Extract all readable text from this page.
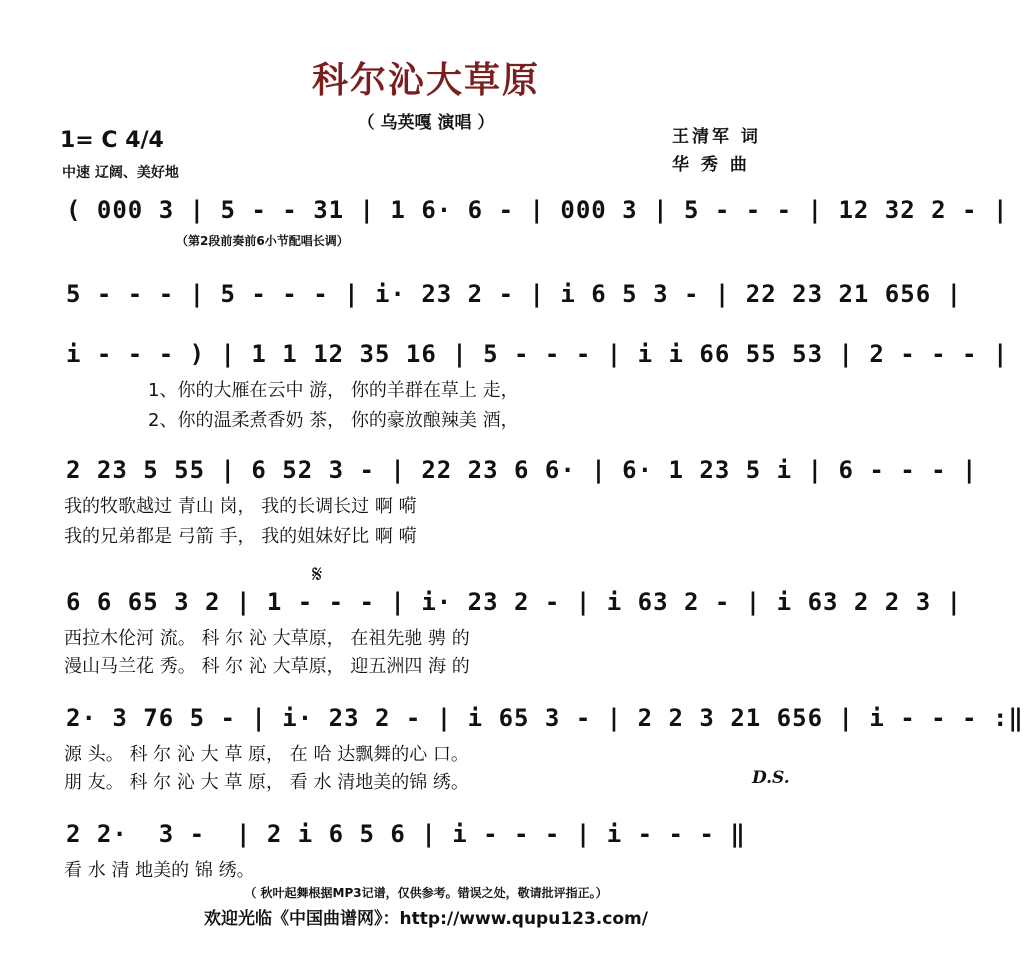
科尔沁大草原
（ 乌英嘎 演唱 ）
1= C 4/4
中速 辽阔、美好地
王清军 词
华 秀 曲
( 000 3 | 5 - - 31 | 1 6· 6 - | 000 3 | 5 - - - | 12 32 2 - |
（第2段前奏前6小节配唱长调）
5 - - - | 5 - - - | i· 23 2 - | i 6 5 3 - | 22 23 21 656 |
i - - - ) | 1 1 12 35 16 | 5 - - - | i i 66 55 53 | 2 - - - |
1、你的大雁在云中 游， 你的羊群在草上 走，
2、你的温柔煮香奶 茶， 你的豪放酿辣美 酒，
2 23 5 55 | 6 52 3 - | 22 23 6 6· | 6· 1 23 5 i | 6 - - - |
我的牧歌越过 青山 岗， 我的长调长过 啊 嗬
我的兄弟都是 弓箭 手， 我的姐妹好比 啊 嗬
𝄋
6 6 65 3 2 | 1 - - - | i· 23 2 - | i 63 2 - | i 63 2 2 3 |
西拉木伦河 流。 科 尔 沁 大草原， 在祖先驰 骋 的
漫山马兰花 秀。 科 尔 沁 大草原， 迎五洲四 海 的
2· 3 76 5 - | i· 23 2 - | i 65 3 - | 2 2 3 21 656 | i - - - :‖
源 头。 科 尔 沁 大 草 原， 在 哈 达飘舞的心 口。
朋 友。 科 尔 沁 大 草 原， 看 水 清地美的锦 绣。	D.S.
2 2·  3 -  | 2 i 6 5 6 | i - - - | i - - - ‖
看 水 清 地美的 锦 绣。
（ 秋叶起舞根据MP3记谱，仅供参考。错误之处，敬请批评指正。）
欢迎光临《中国曲谱网》：http://www.qupu123.com/
